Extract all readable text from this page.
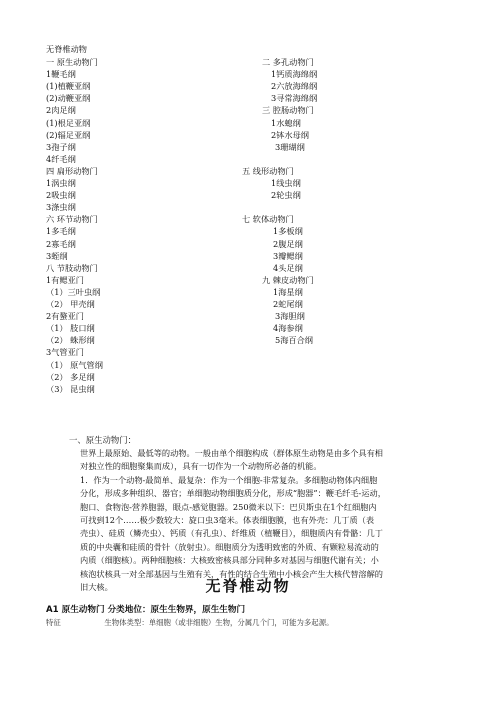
无脊椎动物
一 原生动物门	二 多孔动物门
1鞭毛纲	1钙质海绵纲
(1)植鞭亚纲	2六放海绵纲
(2)动鞭亚纲	3寻常海绵纲
2肉足纲	三 腔肠动物门
(1)根足亚纲	1水螅纲
(2)辐足亚纲	2钵水母纲
3孢子纲	3珊瑚纲
4纤毛纲
四 扁形动物门	五 线形动物门
1涡虫纲	1线虫纲
2吸虫纲	2轮虫纲
3涤虫纲
六 环节动物门	七 软体动物门
1多毛纲	1多板纲
2寡毛纲	2腹足纲
3蛭纲	3瓣鳃纲
八 节肢动物门	4头足纲
1有鳃亚门	九 棘皮动物门
（1）三叶虫纲	1海星纲
（2） 甲壳纲	2蛇尾纲
2有螯亚门	3海胆纲
（1） 肢口纲	4海参纲
（2） 蛛形纲	5海百合纲
3气管亚门
（1） 原气管纲
（2） 多足纲
（3） 昆虫纲
一、原生动物门：
世界上最原始、最低等的动物。一般由单个细胞构成（群体原生动物是由多个具有相
对独立性的细胞聚集而成），具有一切作为一个动物所必备的机能。
1．作为一个动物-最简单、最复杂：作为一个细胞-非常复杂。多细胞动物体内细胞
分化，形成多种组织、器官；单细胞动物细胞质分化，形成“胞器”：鞭毛纤毛-运动，
胞口、食物泡-营养胞器，眼点-感觉胞器。250微米以下：巴贝斯虫在1个红细胞内
可找到12个……极少数较大：旋口虫3毫米。体表细胞膜，也有外壳：几丁质（表
壳虫）、硅质（鳞壳虫）、钙质（有孔虫）、纤维质（植鞭目），细胞质内有骨骼：几丁
质的中央囊和硅质的骨针（放射虫）。细胞质分为透明致密的外质、有颗粒易流动的
内质（细胞核）。两种细胞核：大核致密核具部分同种多对基因与细胞代谢有关；小
核泡状核具一对全部基因与生殖有关，有性的结合生殖中小核会产生大核代替溶解的
旧大核。	无脊椎动物
A1 原生动物门 分类地位：原生生物界，原生生物门
特征	生物体类型：单细胞（或非细胞）生物，分属几个门，可能为多起源。
